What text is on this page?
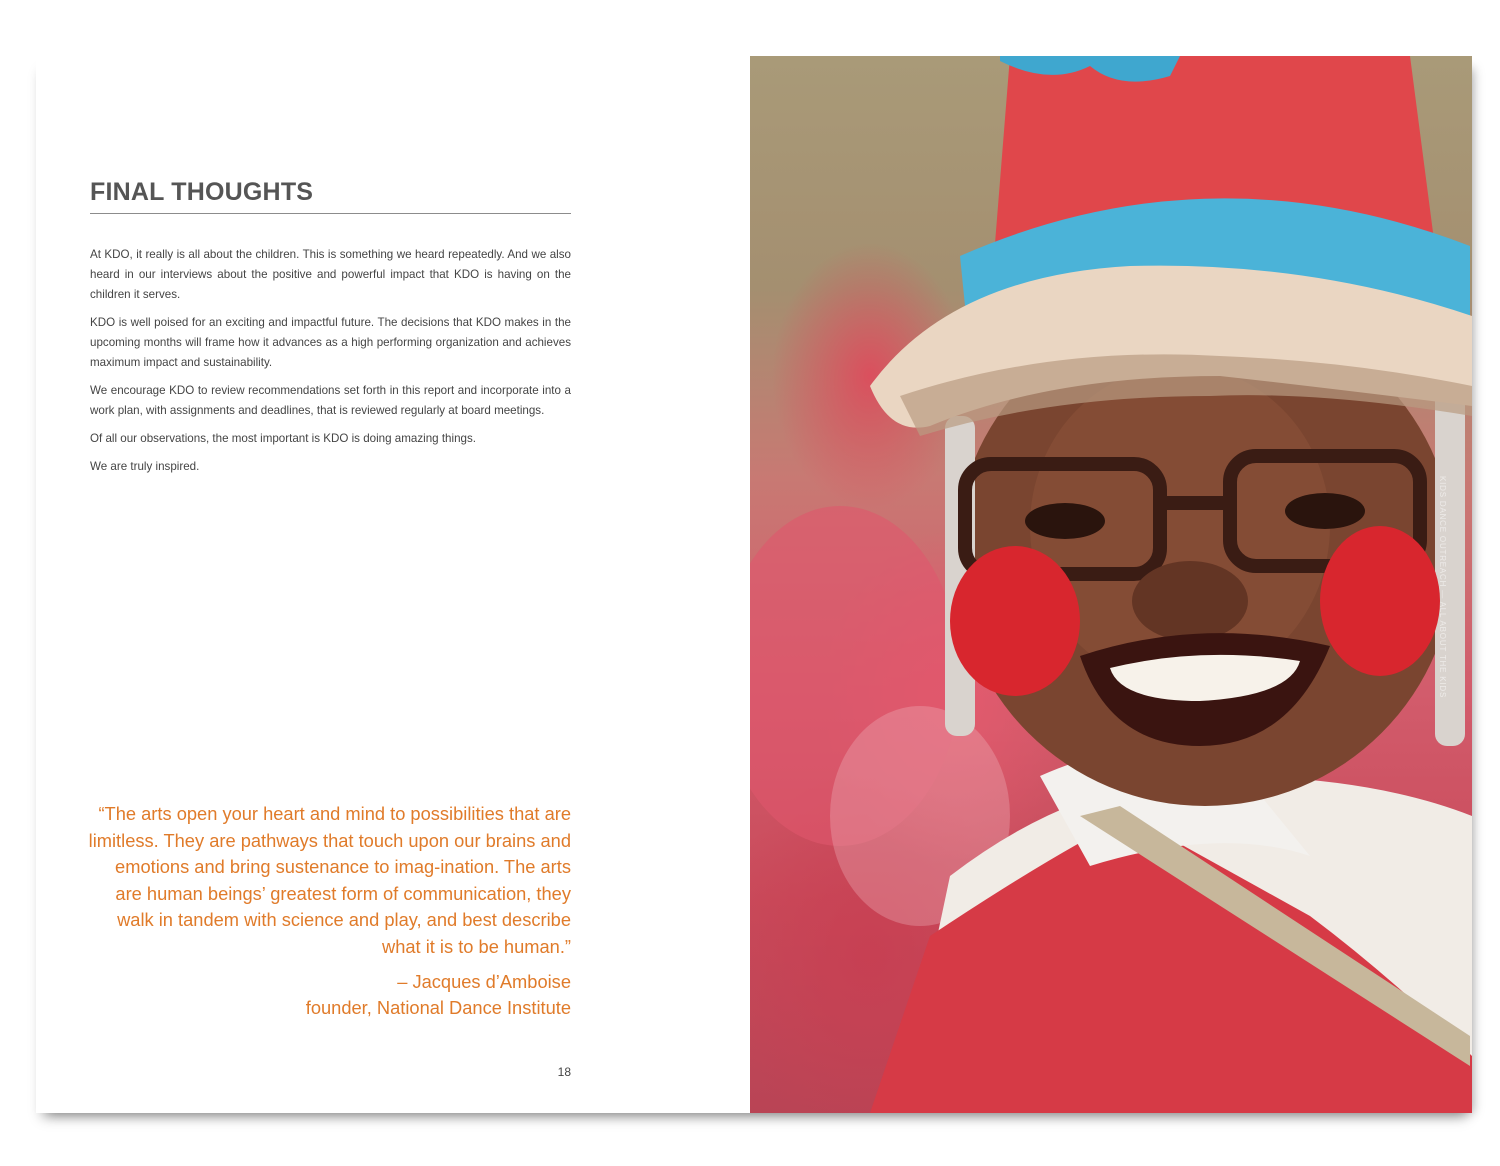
FINAL THOUGHTS

At KDO, it really is all about the children. This is something we heard repeatedly. And we also heard in our interviews about the positive and powerful impact that KDO is having on the children it serves.

KDO is well poised for an exciting and impactful future. The decisions that KDO makes in the upcoming months will frame how it advances as a high performing organization and achieves maximum impact and sustainability.

We encourage KDO to review recommendations set forth in this report and incorporate into a work plan, with assignments and deadlines, that is reviewed regularly at board meetings.

Of all our observations, the most important is KDO is doing amazing things.

We are truly inspired.

“The arts open your heart and mind to possibilities that are limitless. They are pathways that touch upon our brains and emotions and bring sustenance to imag-ination. The arts are human beings’ greatest form of communication, they walk in tandem with science and play, and best describe what it is to be human.”

– Jacques d’Amboise
founder, National Dance Institute

18
KIDS DANCE OUTREACH — ALL ABOUT THE KIDS
